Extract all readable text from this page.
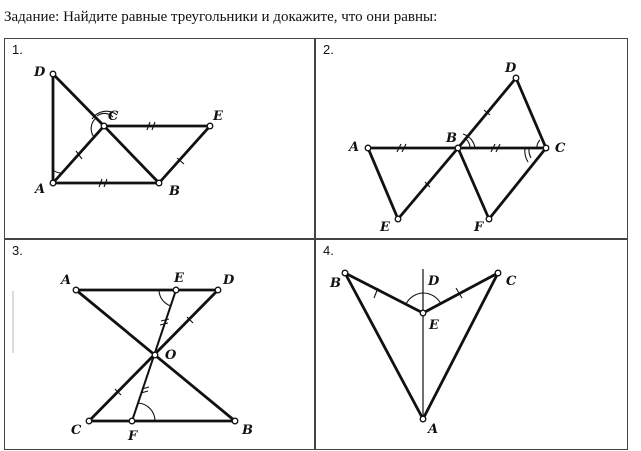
Задание: Найдите равные треугольники и докажите, что они равны:
1.
D
C	E
A	B
2.
D
A
B
C
E	F
3.
A	E	D
O
C	F	B
4.
B	D	C
E
A
